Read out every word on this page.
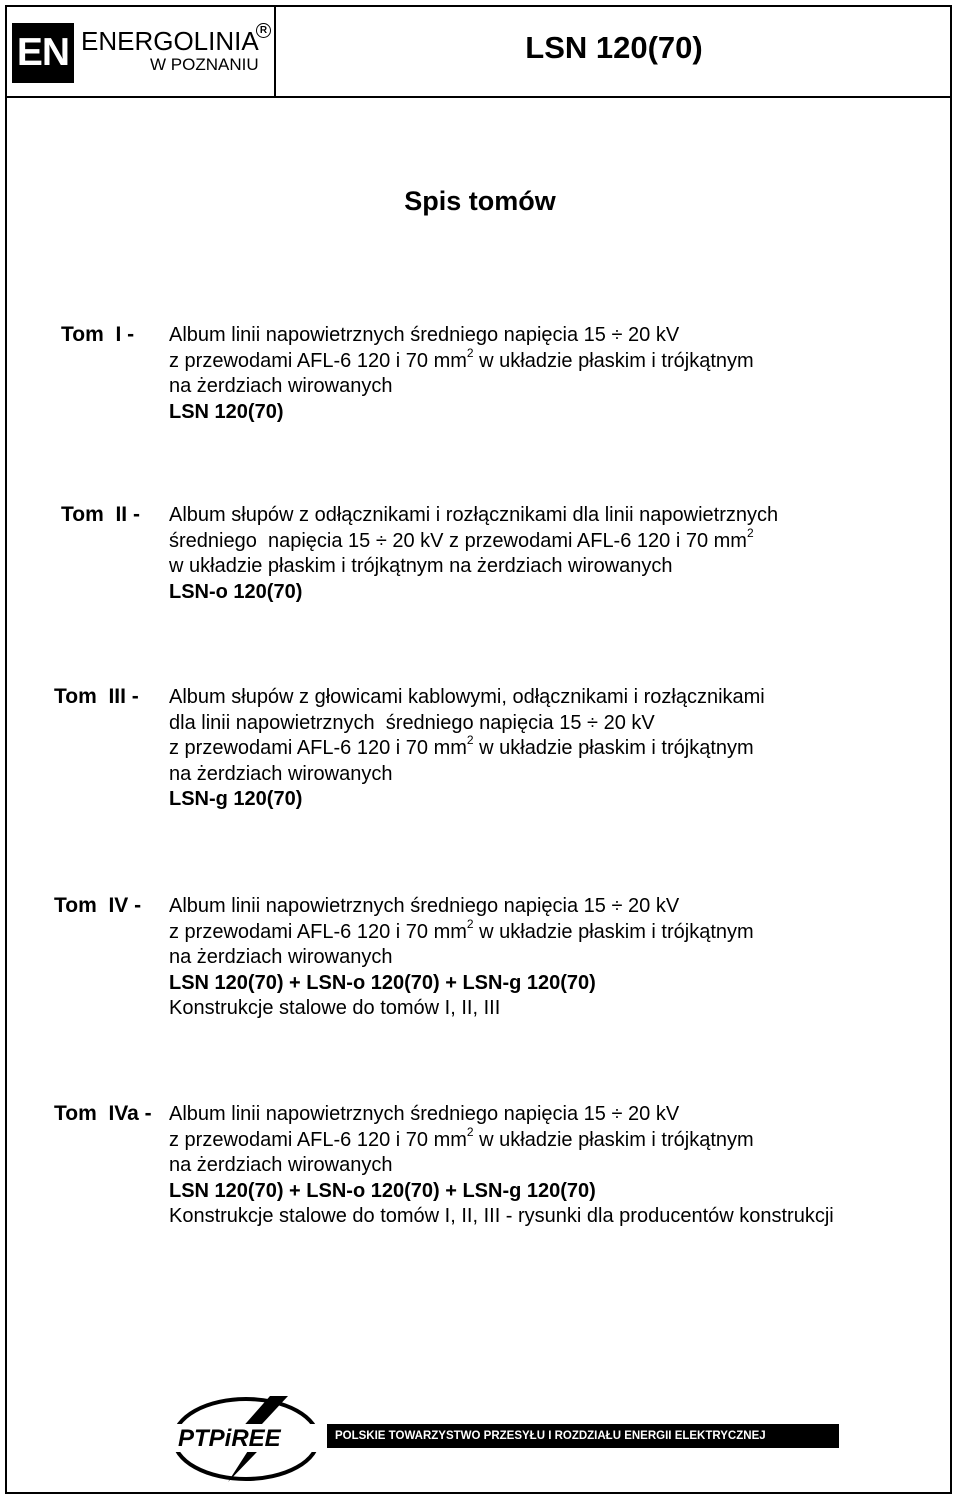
EN ENERGOLINIA R
W POZNANIU	LSN 120(70)
Spis tomów
Tom  I - Album linii napowietrznych średniego napięcia 15 ÷ 20 kV
z przewodami AFL-6 120 i 70 $mm^2$ w układzie płaskim i trójkątnym
na żerdziach wirowanych
LSN 120(70)
Tom  II - Album słupów z odłącznikami i rozłącznikami dla linii napowietrznych
średniego  napięcia 15 ÷ 20 kV z przewodami AFL-6 120 i 70 $mm^2$
w układzie płaskim i trójkątnym na żerdziach wirowanych
LSN-o 120(70)
Tom  III - Album słupów z głowicami kablowymi, odłącznikami i rozłącznikami
dla linii napowietrznych  średniego napięcia 15 ÷ 20 kV
z przewodami AFL-6 120 i 70 $mm^2$ w układzie płaskim i trójkątnym
na żerdziach wirowanych
LSN-g 120(70)
Tom  IV - Album linii napowietrznych średniego napięcia 15 ÷ 20 kV
z przewodami AFL-6 120 i 70 $mm^2$ w układzie płaskim i trójkątnym
na żerdziach wirowanych
LSN 120(70) + LSN-o 120(70) + LSN-g 120(70)
Konstrukcje stalowe do tomów I, II, III
Tom  IVa - Album linii napowietrznych średniego napięcia 15 ÷ 20 kV
z przewodami AFL-6 120 i 70 $mm^2$ w układzie płaskim i trójkątnym
na żerdziach wirowanych
LSN 120(70) + LSN-o 120(70) + LSN-g 120(70)
Konstrukcje stalowe do tomów I, II, III - rysunki dla producentów konstrukcji
PTPiREE	POLSKIE TOWARZYSTWO PRZESYŁU I ROZDZIAŁU ENERGII ELEKTRYCZNEJ
